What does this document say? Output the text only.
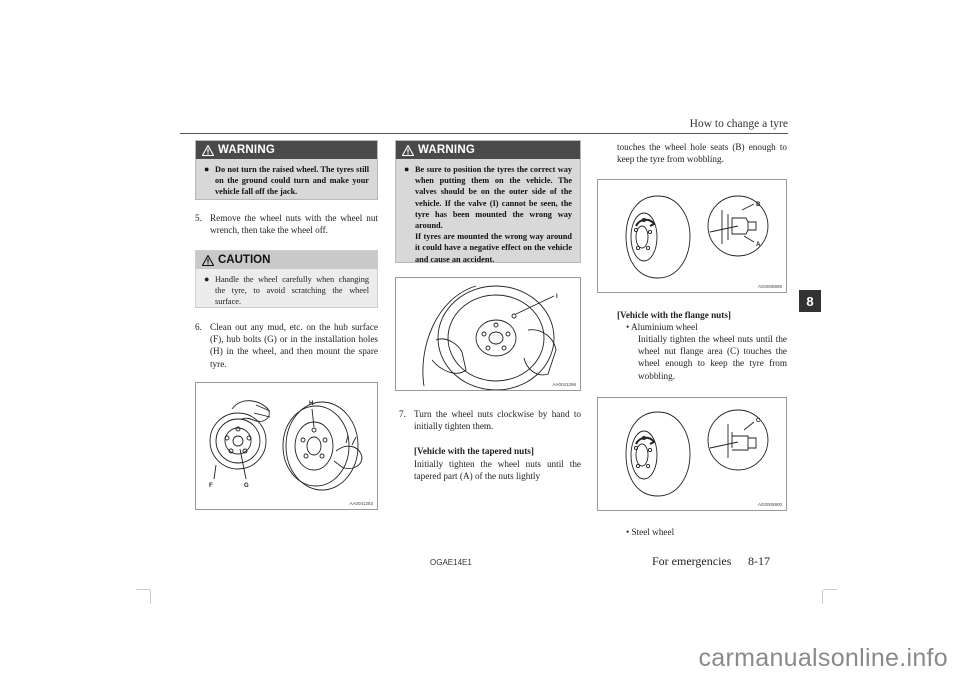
How to change a tyre
8
WARNING
● Do not turn the raised wheel. The tyres still on the ground could turn and make your vehicle fall off the jack.
5. Remove the wheel nuts with the wheel nut wrench, then take the wheel off.
CAUTION
● Handle the wheel carefully when changing the tyre, to avoid scratching the wheel surface.
6. Clean out any mud, etc. on the hub surface (F), hub bolts (G) or in the installation holes (H) in the wheel, and then mount the spare tyre.
F	G
H
AA0041283
WARNING
● Be sure to position the tyres the correct way when putting them on the vehicle. The valves should be on the outer side of the vehicle. If the valve (I) cannot be seen, the tyre has been mounted the wrong way around.
If tyres are mounted the wrong way around it could have a negative effect on the vehicle and cause an accident.
I
AA0041296
7. Turn the wheel nuts clockwise by hand to initially tighten them.
[Vehicle with the tapered nuts]
Initially tighten the wheel nuts until the tapered part (A) of the nuts lightly
touches the wheel hole seats (B) enough to keep the tyre from wobbling.
B
A
AG0005896
[Vehicle with the flange nuts]
• Aluminium wheel
Initially tighten the wheel nuts until the wheel nut flange area (C) touches the wheel enough to keep the tyre from wobbling.
C
AG0005900
• Steel wheel
OGAE14E1	For emergencies 8-17
carmanualsonline.info
